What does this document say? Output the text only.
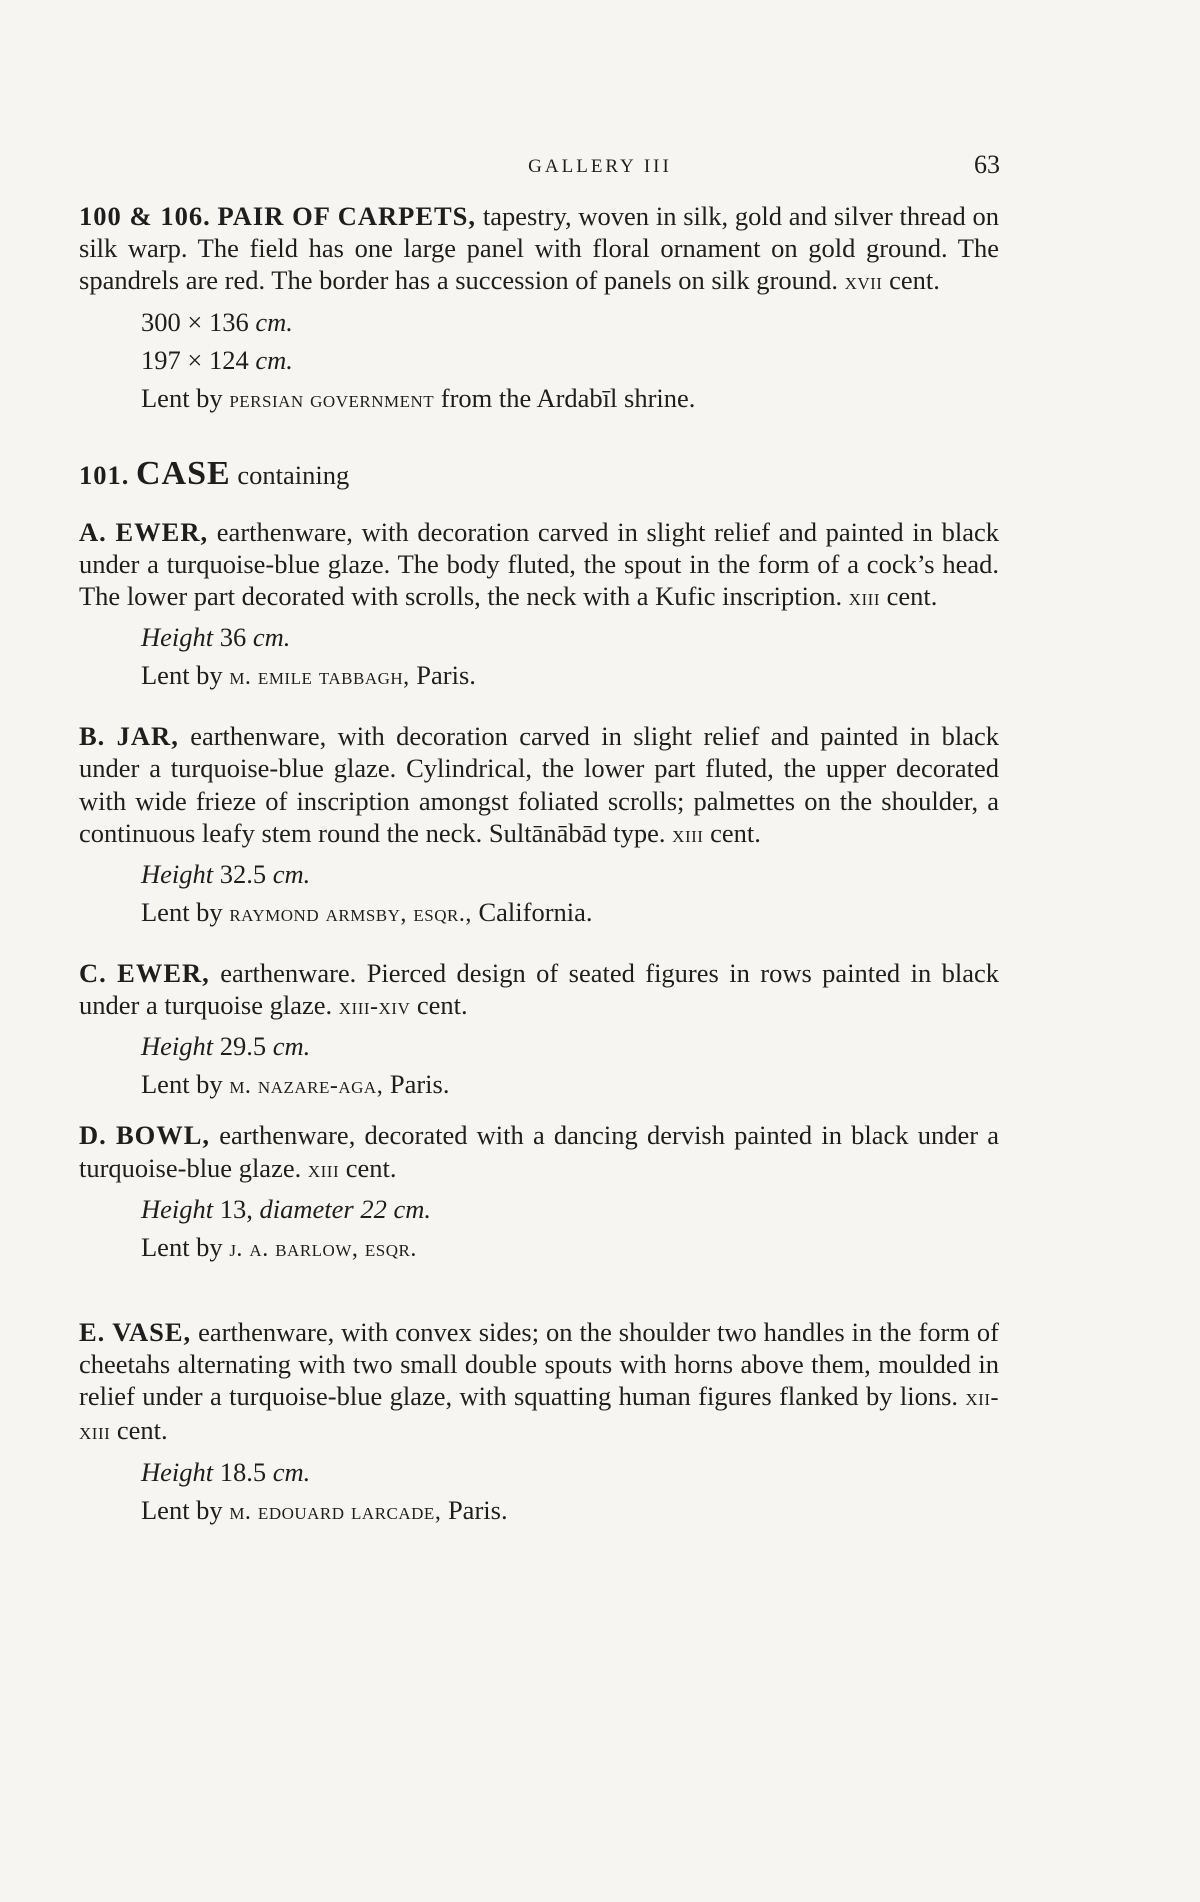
GALLERY III	63

100 & 106. PAIR OF CARPETS, tapestry, woven in silk, gold and silver thread on silk warp. The field has one large panel with floral ornament on gold ground. The spandrels are red. The border has a succession of panels on silk ground. xvii cent.

300 × 136 cm.
197 × 124 cm.
Lent by persian government from the Ardabīl shrine.
101. CASE containing

A. EWER, earthenware, with decoration carved in slight relief and painted in black under a turquoise-blue glaze. The body fluted, the spout in the form of a cock’s head. The lower part decorated with scrolls, the neck with a Kufic inscription. xiii cent.

Height 36 cm.
Lent by m. emile tabbagh, Paris.

B. JAR, earthenware, with decoration carved in slight relief and painted in black under a turquoise-blue glaze. Cylindrical, the lower part fluted, the upper decorated with wide frieze of inscription amongst foliated scrolls; palmettes on the shoulder, a continuous leafy stem round the neck. Sultānābād type. xiii cent.

Height 32.5 cm.
Lent by raymond armsby, esqr., California.

C. EWER, earthenware. Pierced design of seated figures in rows painted in black under a turquoise glaze. xiii-xiv cent.

Height 29.5 cm.
Lent by m. nazare-aga, Paris.

D. BOWL, earthenware, decorated with a dancing dervish painted in black under a turquoise-blue glaze. xiii cent.

Height 13, diameter 22 cm.
Lent by j. a. barlow, esqr.

E. VASE, earthenware, with convex sides; on the shoulder two handles in the form of cheetahs alternating with two small double spouts with horns above them, moulded in relief under a turquoise-blue glaze, with squatting human figures flanked by lions. xii-xiii cent.

Height 18.5 cm.
Lent by m. edouard larcade, Paris.
